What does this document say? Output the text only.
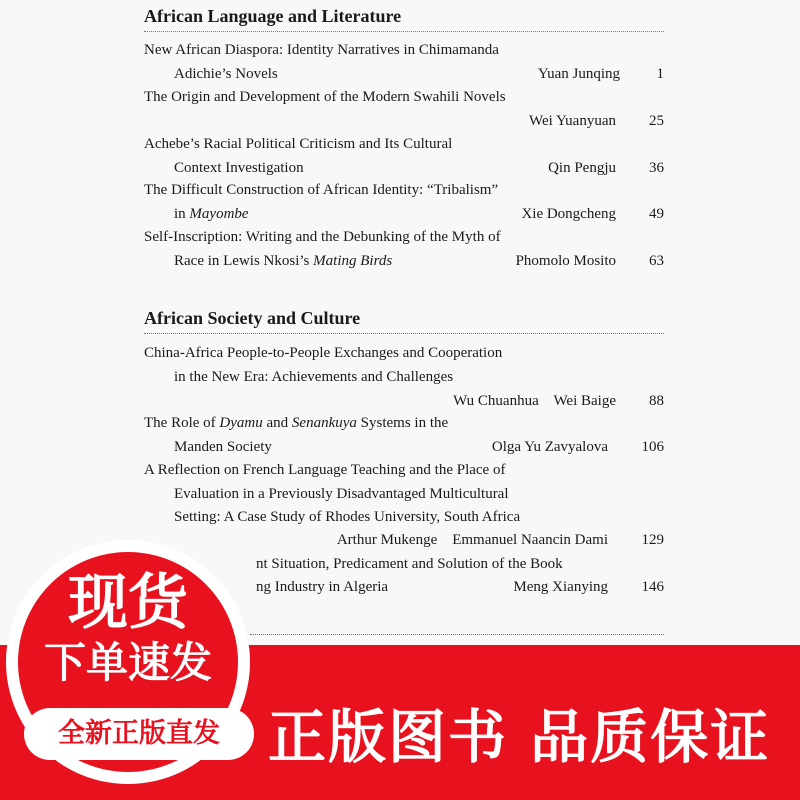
African Language and Literature
New African Diaspora: Identity Narratives in Chimamanda
Adichie’s Novels	Yuan Junqing	1
The Origin and Development of the Modern Swahili Novels
Wei Yuanyuan	25
Achebe’s Racial Political Criticism and Its Cultural
Context Investigation	Qin Pengju	36
The Difficult Construction of African Identity: “Tribalism”
in Mayombe	Xie Dongcheng	49
Self-Inscription: Writing and the Debunking of the Myth of
Race in Lewis Nkosi’s Mating Birds	Phomolo Mosito	63
African Society and Culture
China-Africa People-to-People Exchanges and Cooperation
in the New Era: Achievements and Challenges
Wu Chuanhua    Wei Baige	88
The Role of Dyamu and Senankuya Systems in the
Manden Society	Olga Yu Zavyalova	106
A Reflection on French Language Teaching and the Place of
Evaluation in a Previously Disadvantaged Multicultural
Setting: A Case Study of Rhodes University, South Africa
Arthur Mukenge    Emmanuel Naancin Dami	129
nt Situation, Predicament and Solution of the Book
ng Industry in Algeria	Meng Xianying	146
现货
下单速发
全新正版直发 正版图书 品质保证
